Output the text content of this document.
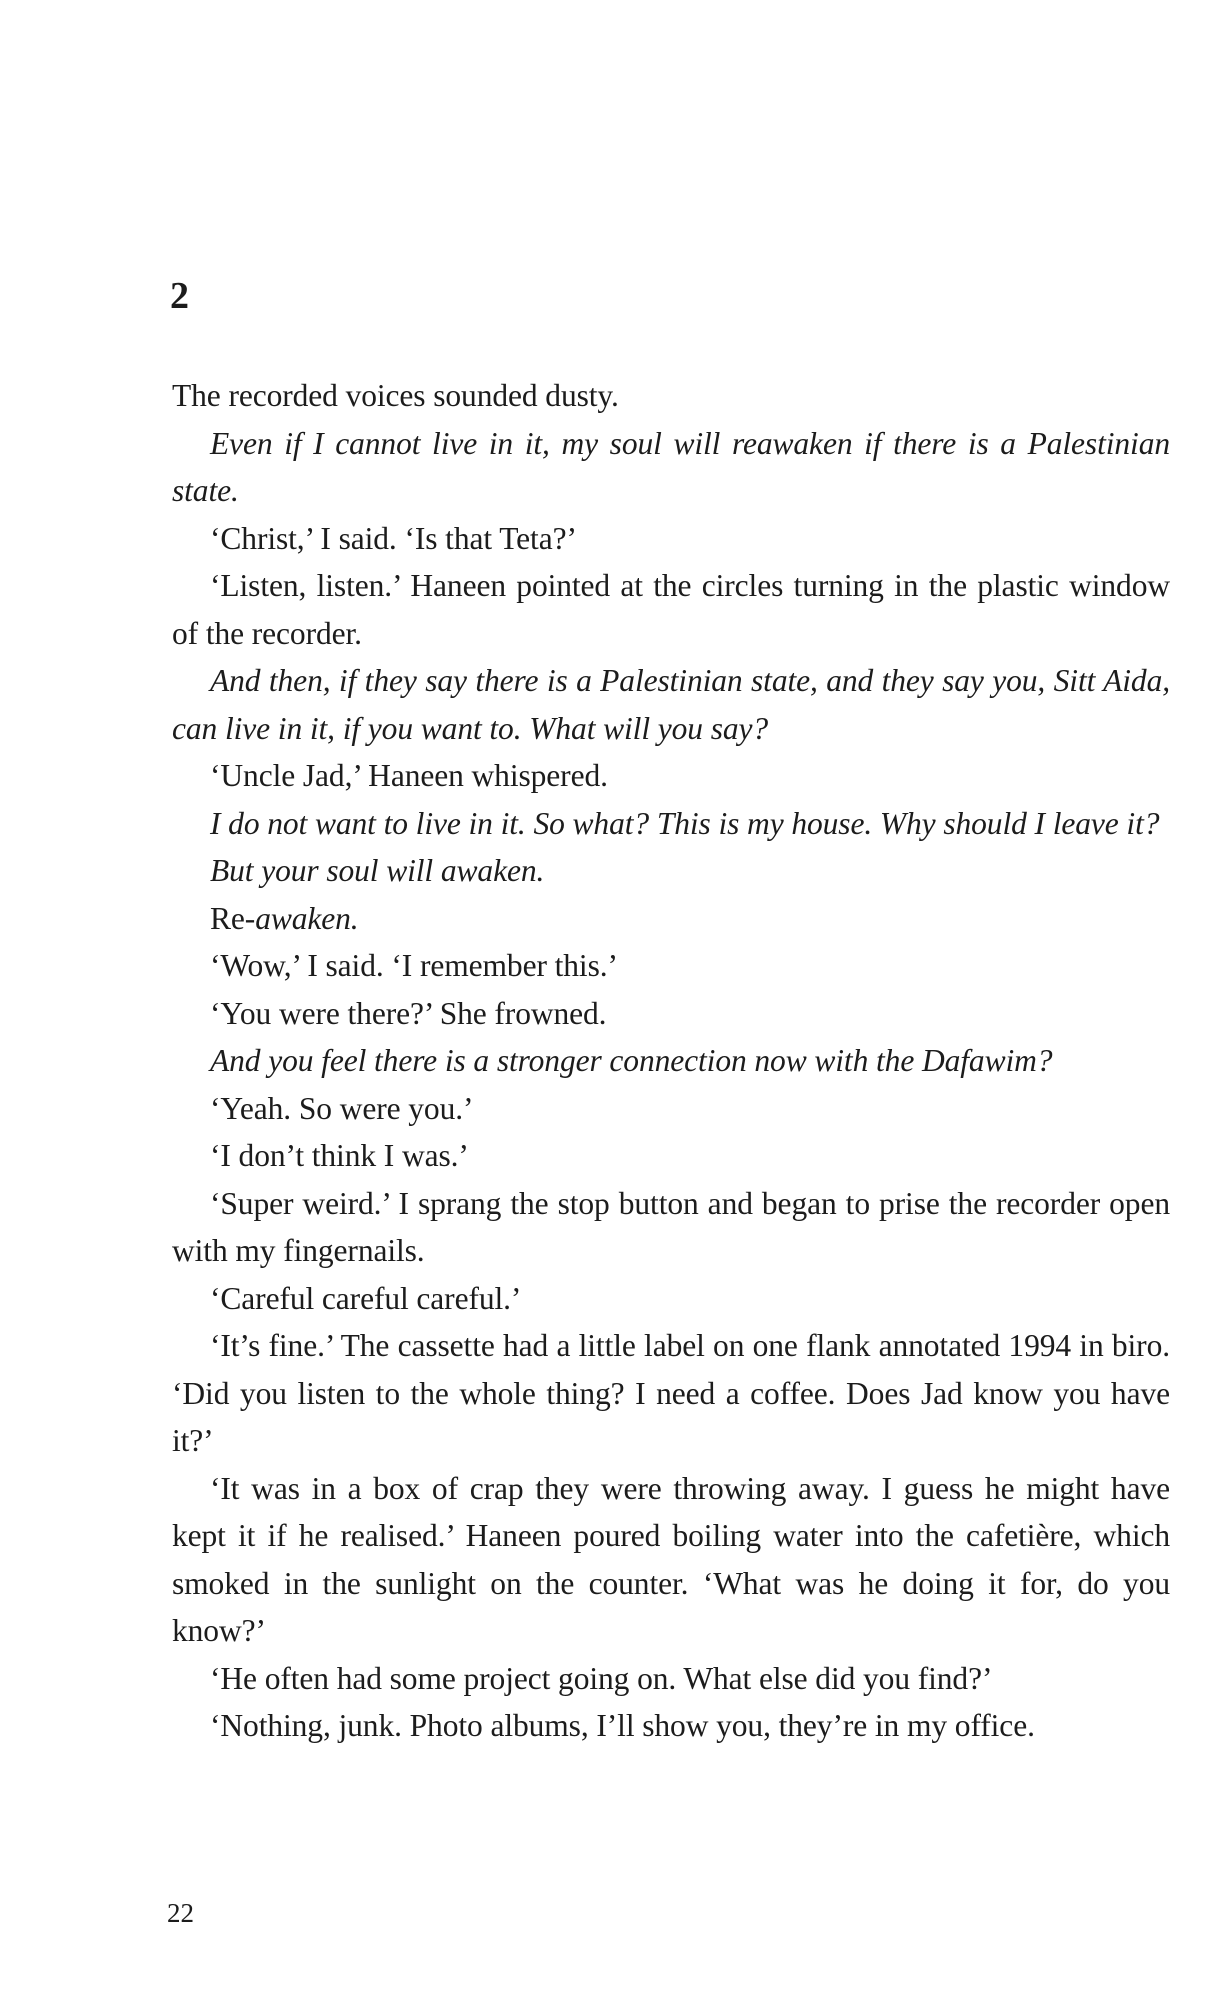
2

The recorded voices sounded dusty.

Even if I cannot live in it, my soul will reawaken if there is a Palestinian state.

‘Christ,’ I said. ‘Is that Teta?’

‘Listen, listen.’ Haneen pointed at the circles turning in the plastic window of the recorder.

And then, if they say there is a Palestinian state, and they say you, Sitt Aida, can live in it, if you want to. What will you say?

‘Uncle Jad,’ Haneen whispered.

I do not want to live in it. So what? This is my house. Why should I leave it?

But your soul will awaken.

Re-awaken.

‘Wow,’ I said. ‘I remember this.’

‘You were there?’ She frowned.

And you feel there is a stronger connection now with the Dafawim?

‘Yeah. So were you.’

‘I don’t think I was.’

‘Super weird.’ I sprang the stop button and began to prise the recorder open with my fingernails.

‘Careful careful careful.’

‘It’s fine.’ The cassette had a little label on one flank annotated 1994 in biro. ‘Did you listen to the whole thing? I need a coffee. Does Jad know you have it?’

‘It was in a box of crap they were throwing away. I guess he might have kept it if he realised.’ Haneen poured boiling water into the cafetière, which smoked in the sunlight on the counter. ‘What was he doing it for, do you know?’

‘He often had some project going on. What else did you find?’

‘Nothing, junk. Photo albums, I’ll show you, they’re in my office.

22
